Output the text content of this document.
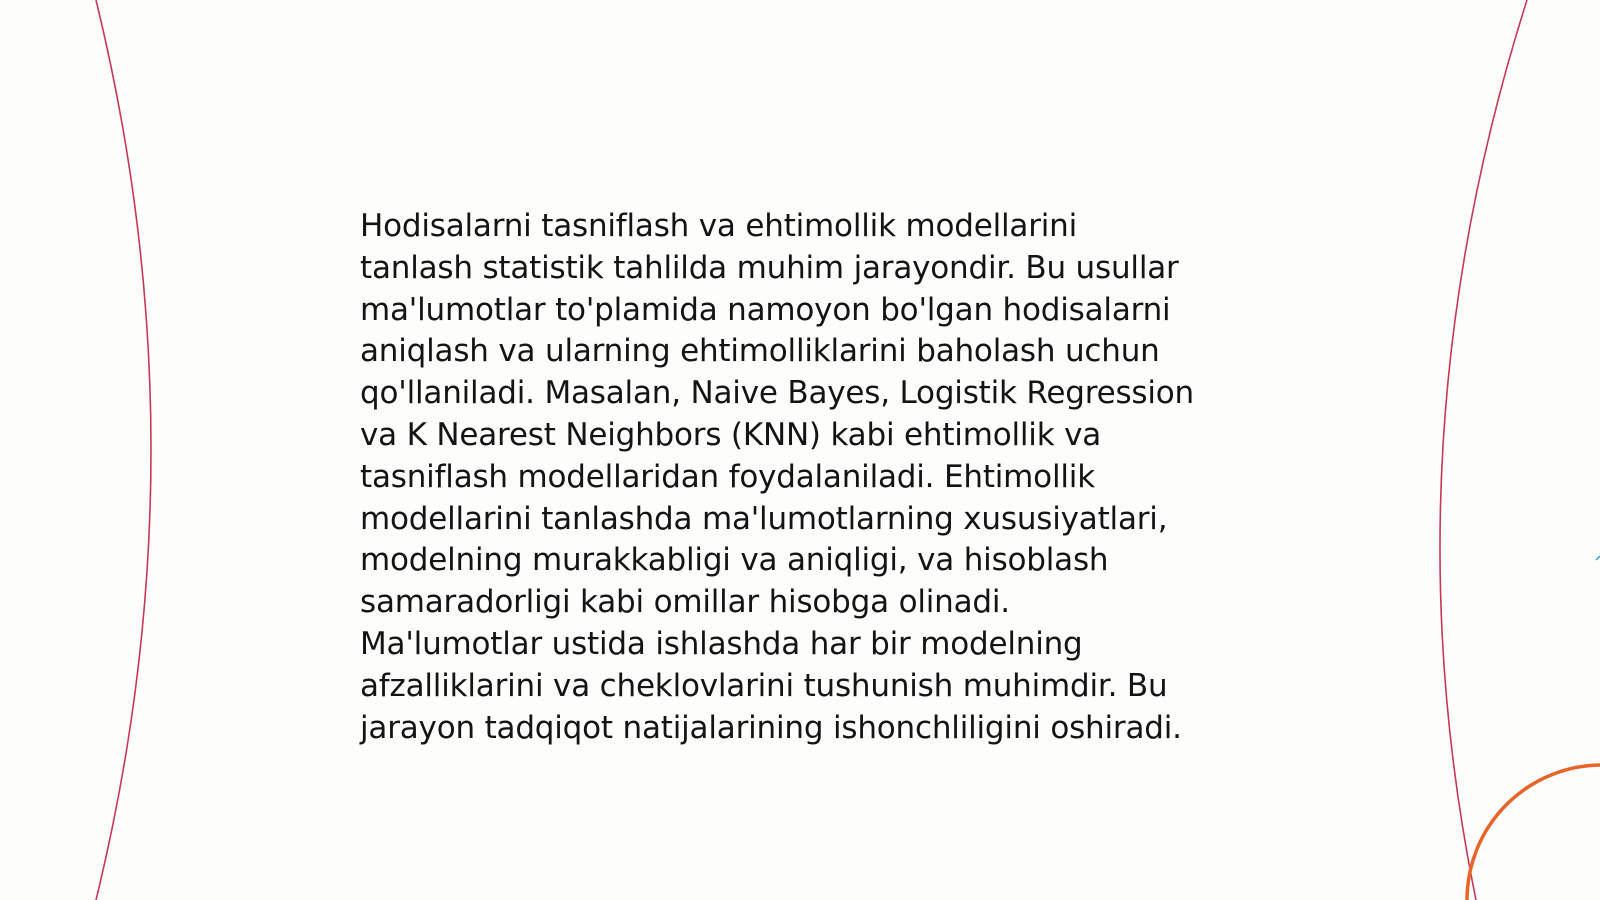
Hodisalarni tasniflash va ehtimollik modellarini
tanlash statistik tahlilda muhim jarayondir. Bu usullar
ma'lumotlar to'plamida namoyon bo'lgan hodisalarni
aniqlash va ularning ehtimolliklarini baholash uchun
qo'llaniladi. Masalan, Naive Bayes, Logistik Regression
va K Nearest Neighbors (KNN) kabi ehtimollik va
tasniflash modellaridan foydalaniladi. Ehtimollik
modellarini tanlashda ma'lumotlarning xususiyatlari,
modelning murakkabligi va aniqligi, va hisoblash
samaradorligi kabi omillar hisobga olinadi.
Ma'lumotlar ustida ishlashda har bir modelning
afzalliklarini va cheklovlarini tushunish muhimdir. Bu
jarayon tadqiqot natijalarining ishonchliligini oshiradi.
